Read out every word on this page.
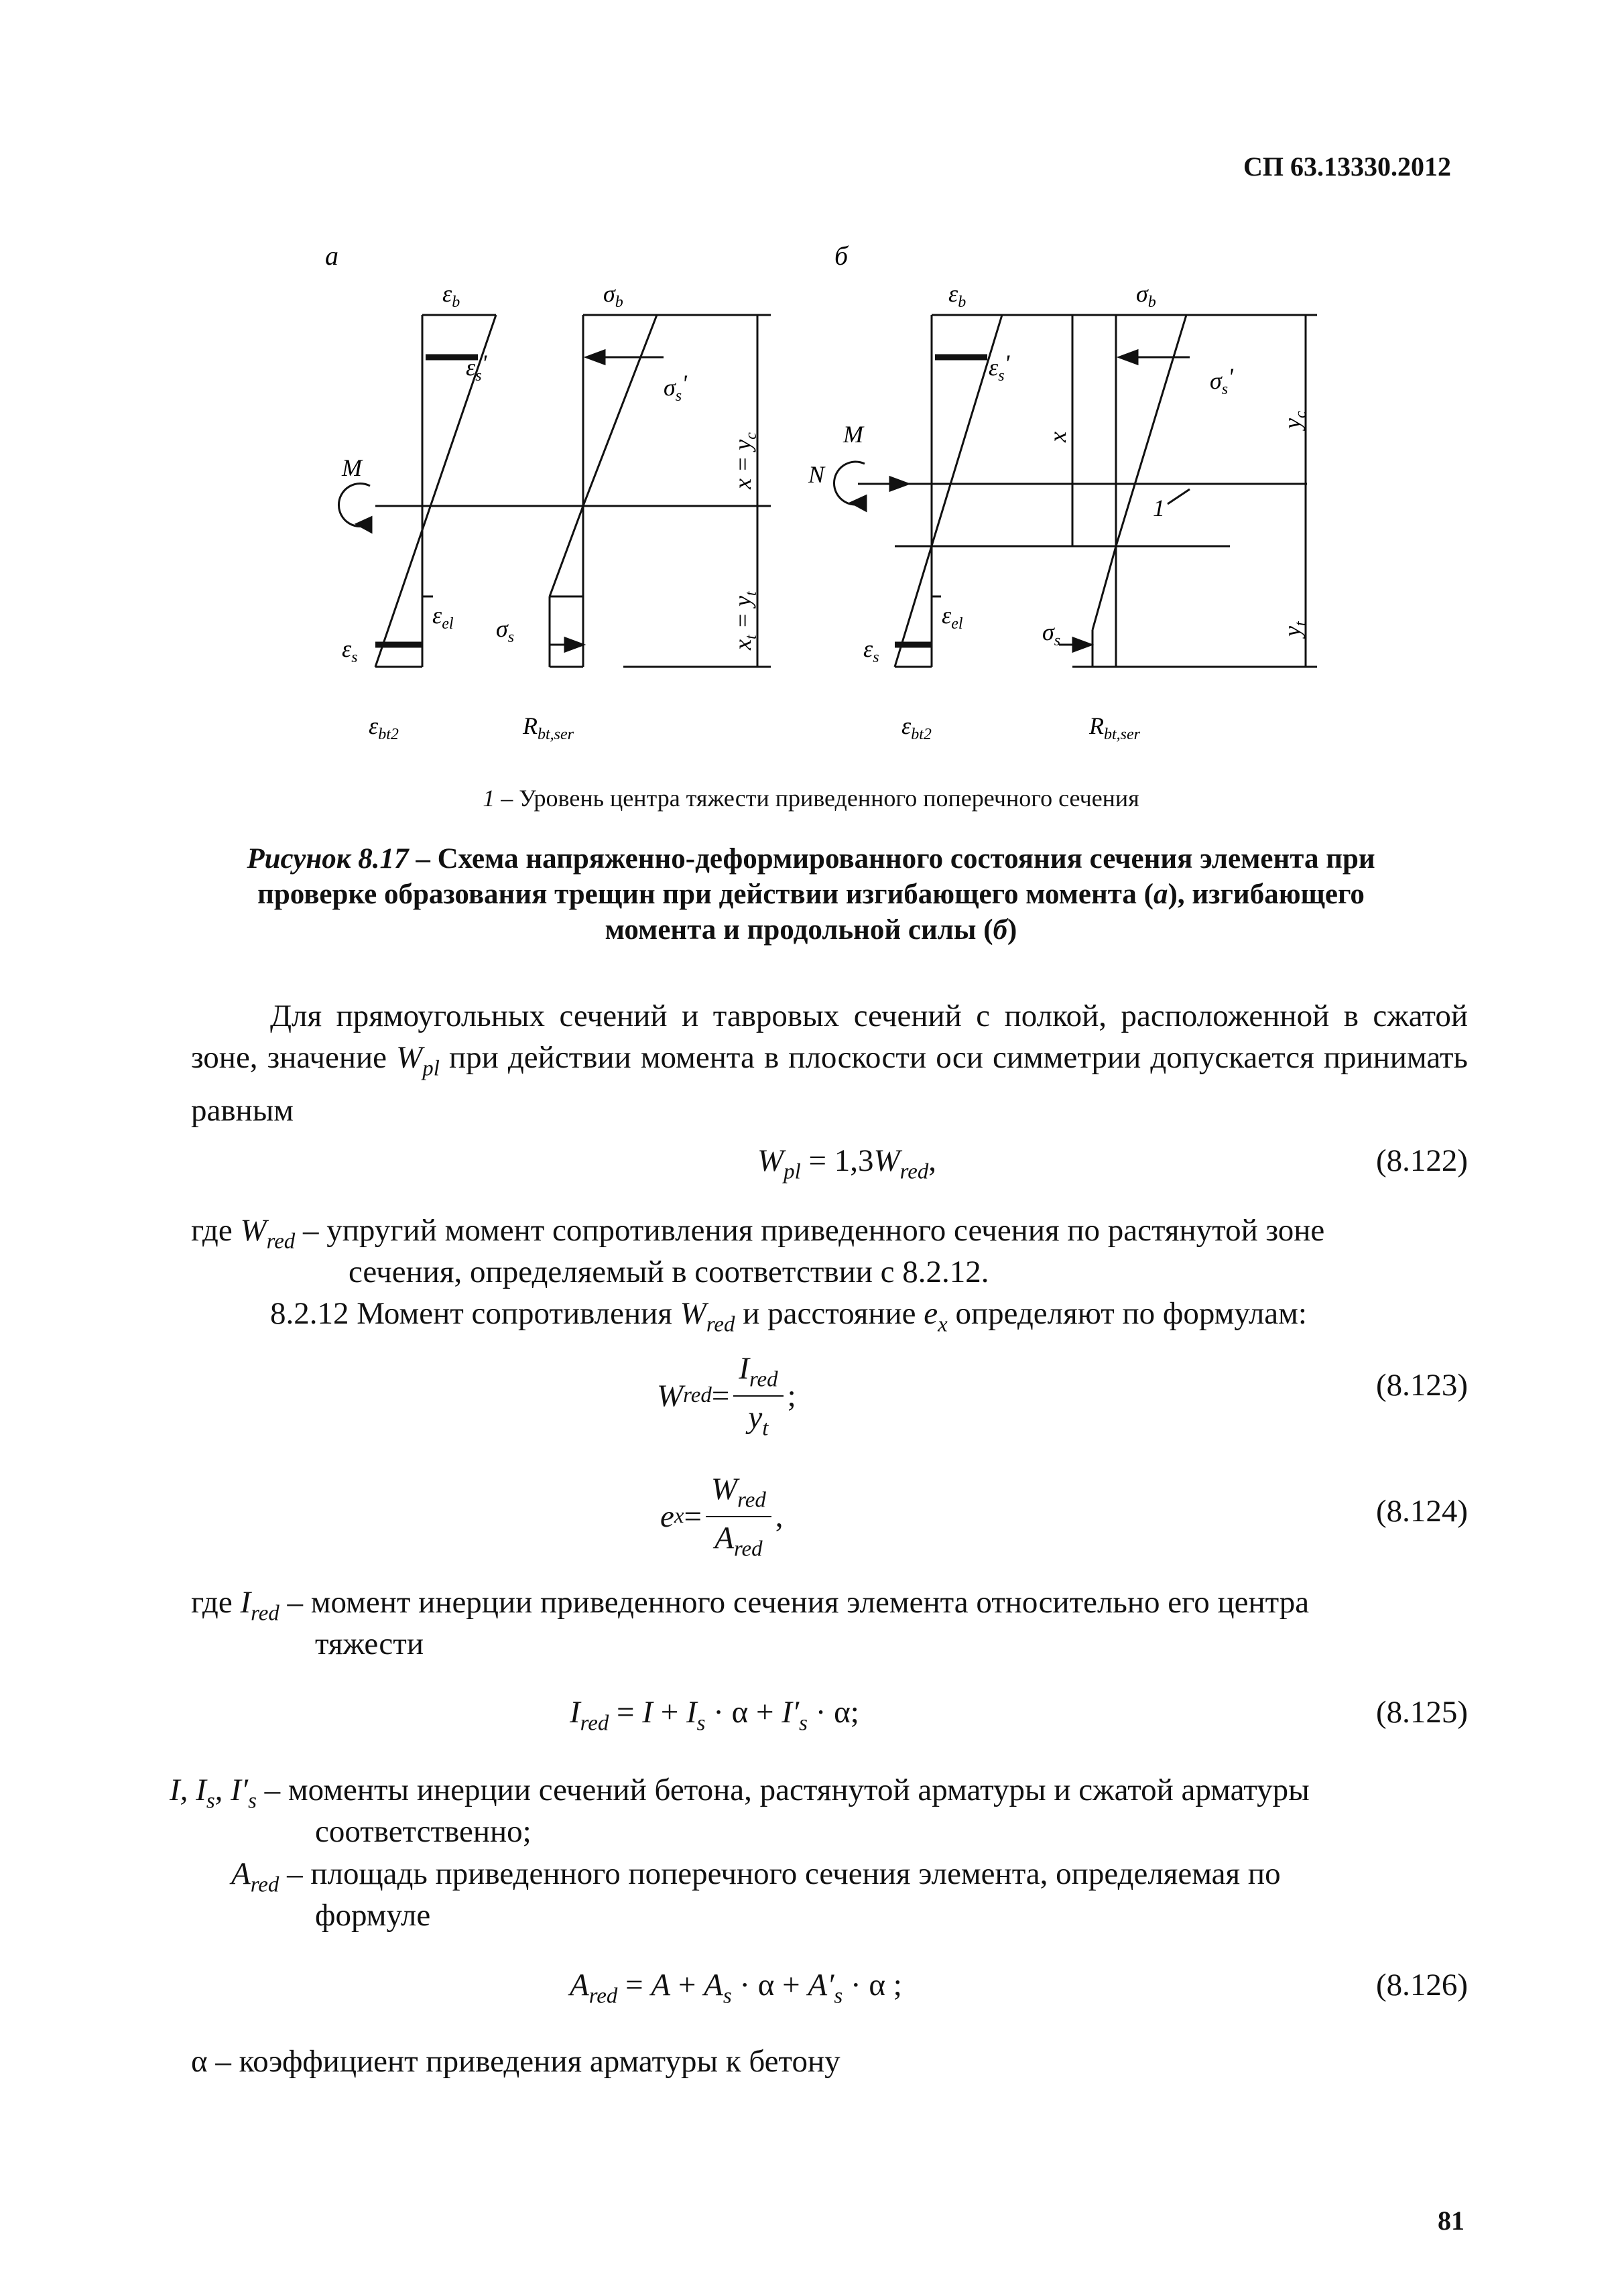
СП 63.13330.2012
а	б
$\varepsilon_b$	$\sigma_b$
$\varepsilon_s'$
$\sigma_s'$
M
$\varepsilon_{el}$
$\varepsilon_s$
$\sigma_s$
$\varepsilon_{bt2}$	$R_{bt,ser}$
$x = y_c$
$x_t = y_t$
$\varepsilon_b$	$\sigma_b$
$\varepsilon_s'$
$\sigma_s'$
M
N
$\varepsilon_{el}$
$\varepsilon_s$
$\sigma_s$
$\varepsilon_{bt2}$	$R_{bt,ser}$
x
$y_c$
$y_t$
1
1 – Уровень центра тяжести приведенного поперечного сечения
Рисунок 8.17 – Схема напряженно-деформированного состояния сечения элемента при проверке образования трещин при действии изгибающего момента (а), изгибающего момента и продольной силы (б)
Для прямоугольных сечений и тавровых сечений с полкой, расположенной в сжатой зоне, значение $W_{pl}$ при действии момента в плоскости оси симметрии допускается принимать равным
$W_{pl} = 1,3W_{red}$,	(8.122)
где $W_{red}$ – упругий момент сопротивления приведенного сечения по растянутой зоне
сечения, определяемый в соответствии с 8.2.12.
8.2.12 Момент сопротивления $W_{red}$ и расстояние $e_x$ определяют по формулам:
W red = $\frac{I_{red}}{y_t}$ ;	(8.123)
e $x = \frac{W_{red}}{A_{red}}$ ,	(8.124)
где $I_{red}$ – момент инерции приведенного сечения элемента относительно его центра
тяжести
$I_{red} = I + I_s \cdot \alpha + I'_s \cdot \alpha$;	(8.125)
I, $I_s$, $I'_s$ – моменты инерции сечений бетона, растянутой арматуры и сжатой арматуры
соответственно;
$A_{red}$ – площадь приведенного поперечного сечения элемента, определяемая по
формуле
$A_{red} = A + A_s \cdot \alpha + A'_s \cdot \alpha$ ;	(8.126)
α – коэффициент приведения арматуры к бетону
81
